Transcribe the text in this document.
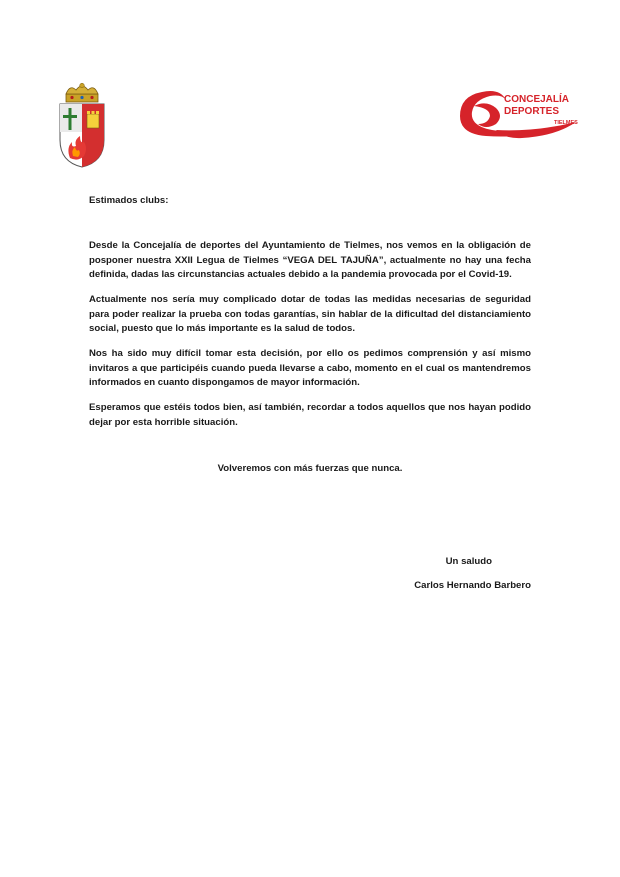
CONCEJALÍA
DEPORTES
TIELMES

Estimados clubs:

Desde la Concejalía de deportes del Ayuntamiento de Tielmes, nos vemos en la obligación de posponer nuestra XXII Legua de Tielmes “VEGA DEL TAJUÑA”, actualmente no hay una fecha definida, dadas las circunstancias actuales debido a la pandemia provocada por el Covid-19.

Actualmente nos sería muy complicado dotar de todas las medidas necesarias de seguridad para poder realizar la prueba con todas garantías, sin hablar de la dificultad del distanciamiento social, puesto que lo más importante es la salud de todos.

Nos ha sido muy difícil tomar esta decisión, por ello os pedimos comprensión y así mismo invitaros a que participéis cuando pueda llevarse a cabo, momento en el cual os mantendremos informados en cuanto dispongamos de mayor información.

Esperamos que estéis todos bien, así también, recordar a todos aquellos que nos hayan podido dejar por esta horrible situación.

Volveremos con más fuerzas que nunca.

Un saludo

Carlos Hernando Barbero
